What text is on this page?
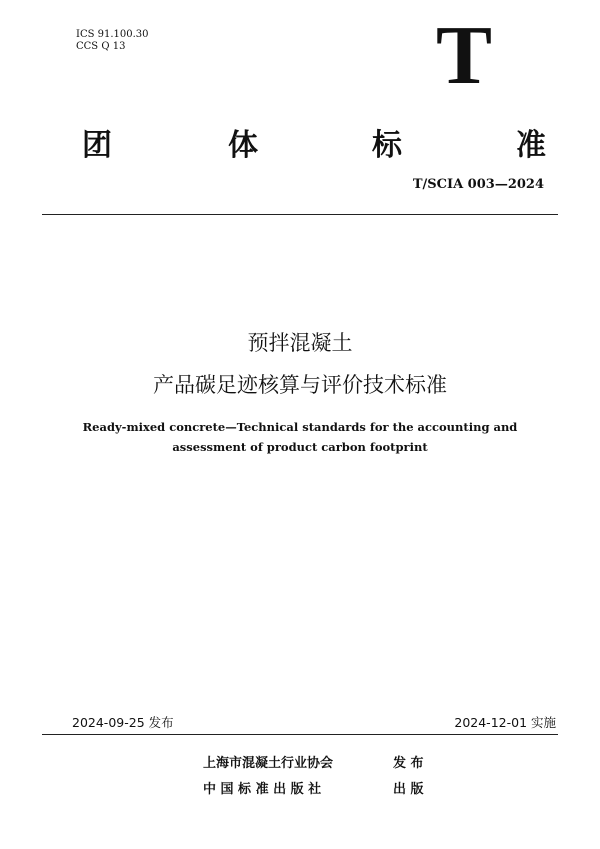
ICS 91.100.30
CCS Q 13	T
团	体	标	准
T/SCIA 003—2024
预拌混凝土
产品碳足迹核算与评价技术标准
Ready-mixed concrete—Technical standards for the accounting and
assessment of product carbon footprint
2024-09-25 发布	2024-12-01 实施
上海市混凝土行业协会	发 布
中 国 标 准 出 版 社	出 版
